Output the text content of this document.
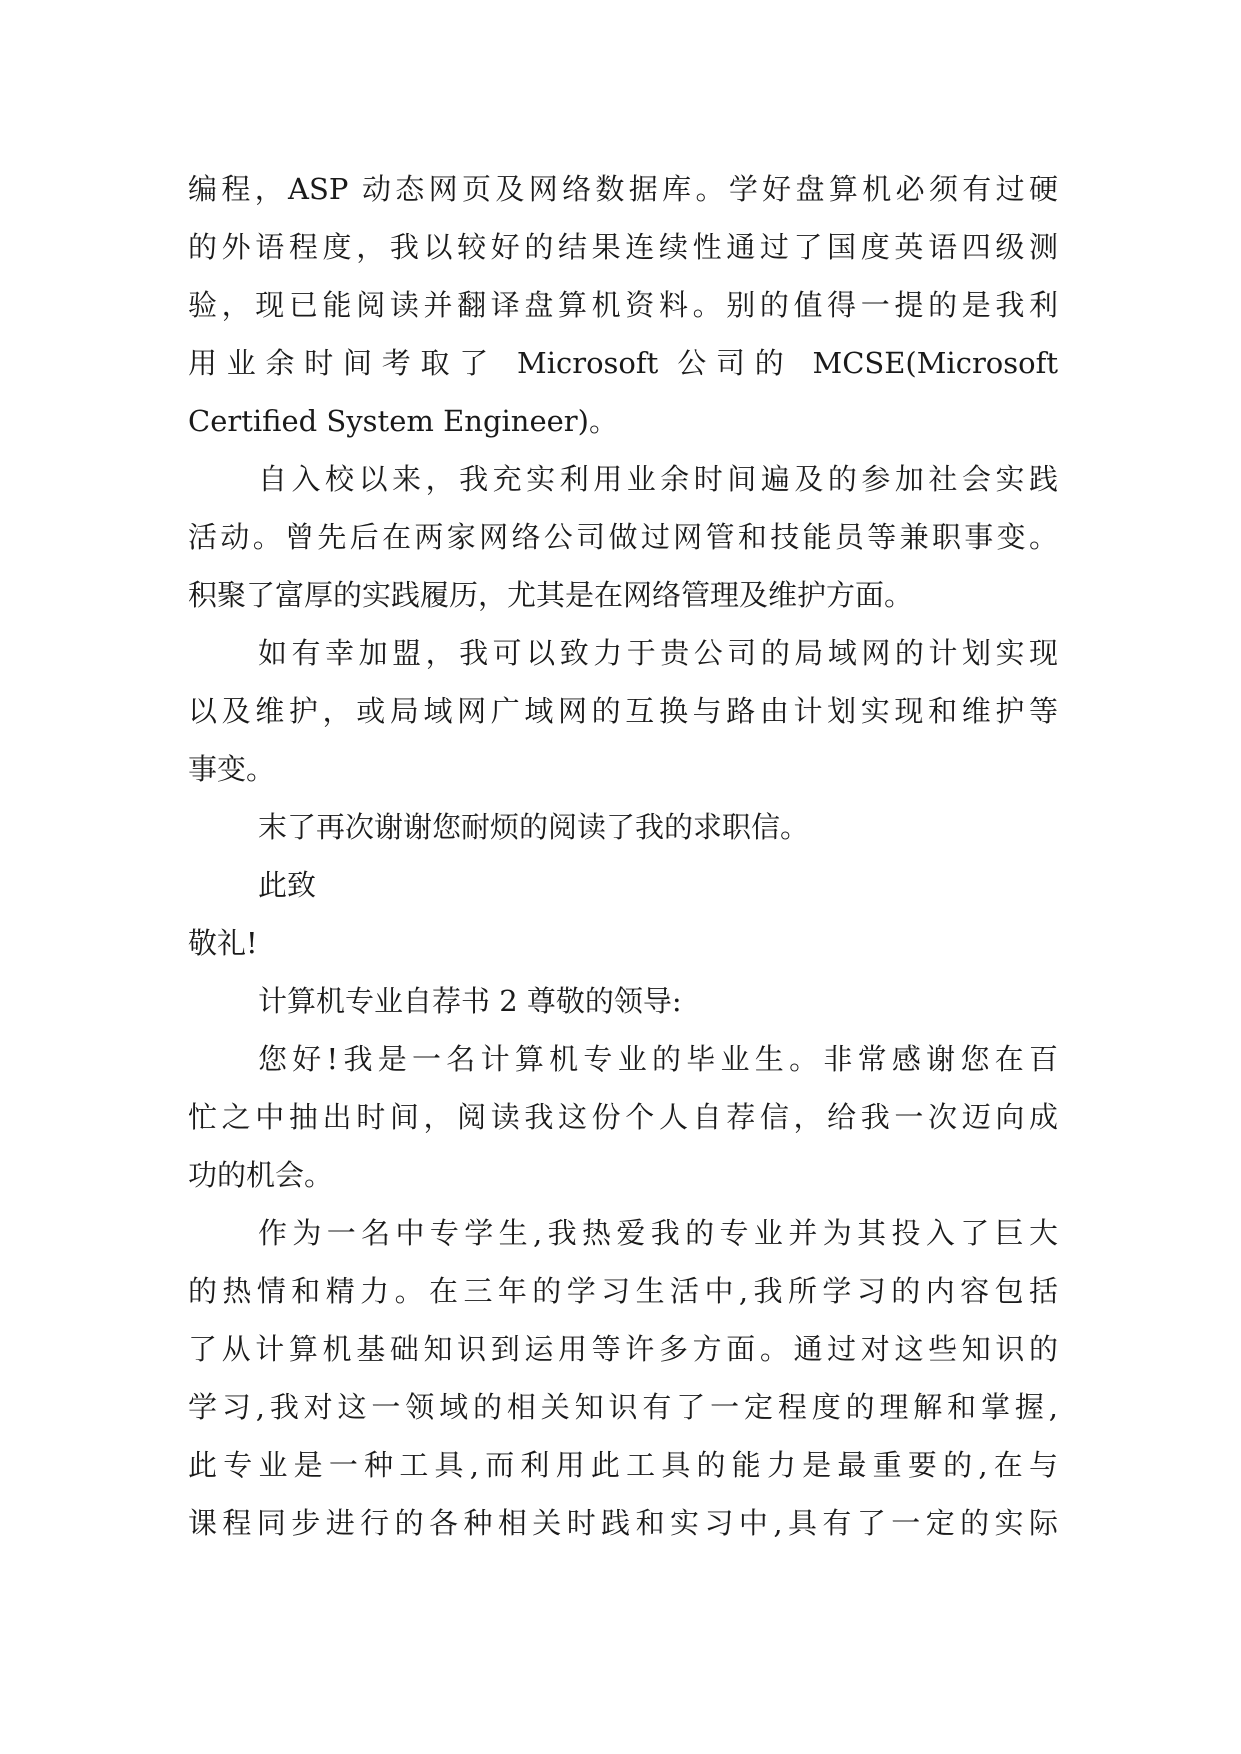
编程，ASP 动态网页及网络数据库。学好盘算机必须有过硬
的外语程度，我以较好的结果连续性通过了国度英语四级测
验，现已能阅读并翻译盘算机资料。别的值得一提的是我利
用业余时间考取了 Microsoft 公司的 MCSE(Microsoft
Certified System Engineer)。
自入校以来，我充实利用业余时间遍及的参加社会实践
活动。曾先后在两家网络公司做过网管和技能员等兼职事变。
积聚了富厚的实践履历，尤其是在网络管理及维护方面。
如有幸加盟，我可以致力于贵公司的局域网的计划实现
以及维护，或局域网广域网的互换与路由计划实现和维护等
事变。
末了再次谢谢您耐烦的阅读了我的求职信。
此致
敬礼!
计算机专业自荐书 2 尊敬的领导:
您好!我是一名计算机专业的毕业生。非常感谢您在百
忙之中抽出时间，阅读我这份个人自荐信，给我一次迈向成
功的机会。
作为一名中专学生,我热爱我的专业并为其投入了巨大
的热情和精力。在三年的学习生活中,我所学习的内容包括
了从计算机基础知识到运用等许多方面。通过对这些知识的
学习,我对这一领域的相关知识有了一定程度的理解和掌握,
此专业是一种工具,而利用此工具的能力是最重要的,在与
课程同步进行的各种相关时践和实习中,具有了一定的实际
